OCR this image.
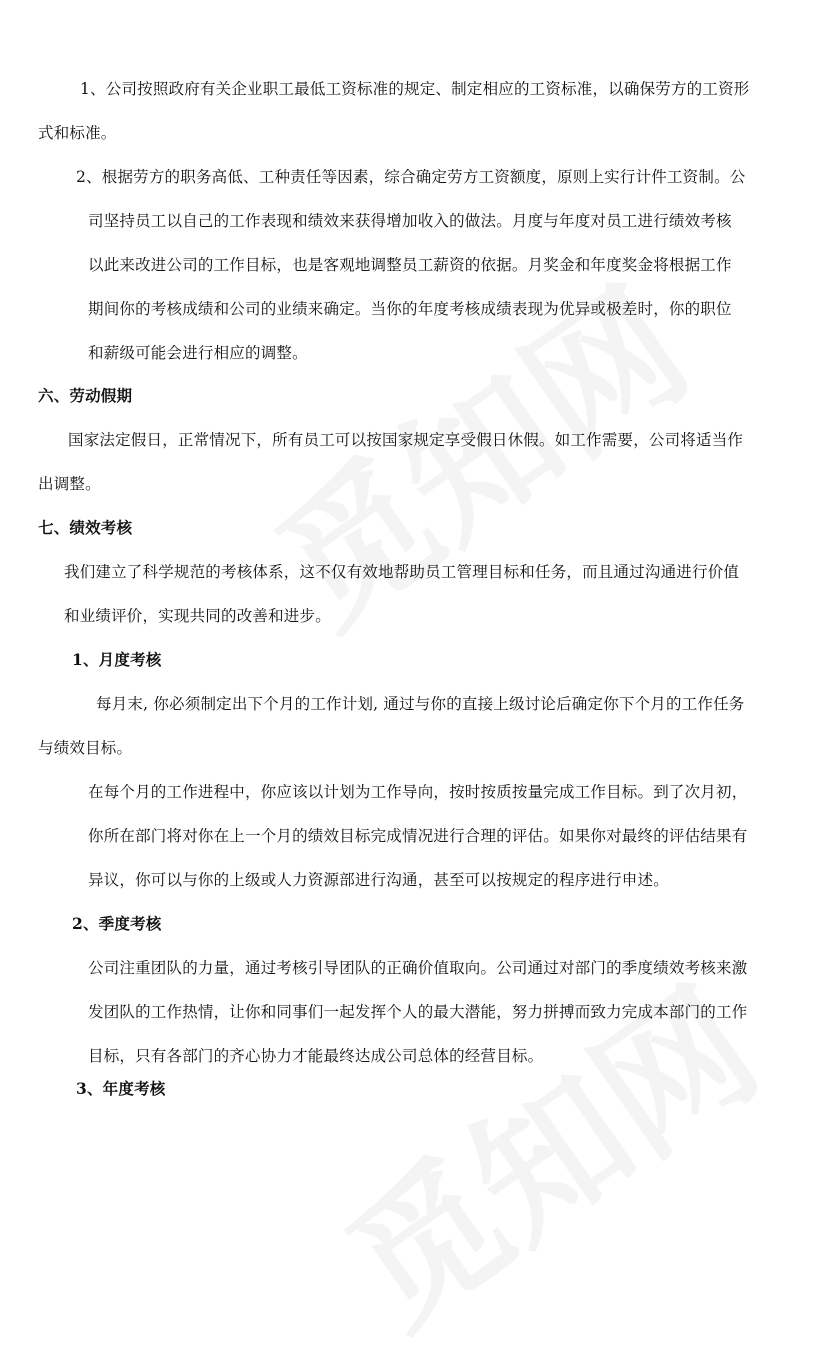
1、公司按照政府有关企业职工最低工资标准的规定、制定相应的工资标准，以确保劳方的工资形
式和标准。
2、根据劳方的职务高低、工种责任等因素，综合确定劳方工资额度，原则上实行计件工资制。公
司坚持员工以自己的工作表现和绩效来获得增加收入的做法。月度与年度对员工进行绩效考核
以此来改进公司的工作目标，也是客观地调整员工薪资的依据。月奖金和年度奖金将根据工作
期间你的考核成绩和公司的业绩来确定。当你的年度考核成绩表现为优异或极差时，你的职位
和薪级可能会进行相应的调整。
六、劳动假期
国家法定假日，正常情况下，所有员工可以按国家规定享受假日休假。如工作需要，公司将适当作
出调整。
七、绩效考核
我们建立了科学规范的考核体系，这不仅有效地帮助员工管理目标和任务，而且通过沟通进行价值
和业绩评价，实现共同的改善和进步。
1、月度考核
每月末, 你必须制定出下个月的工作计划, 通过与你的直接上级讨论后确定你下个月的工作任务
与绩效目标。
在每个月的工作进程中，你应该以计划为工作导向，按时按质按量完成工作目标。到了次月初，
你所在部门将对你在上一个月的绩效目标完成情况进行合理的评估。如果你对最终的评估结果有
异议，你可以与你的上级或人力资源部进行沟通，甚至可以按规定的程序进行申述。
2、季度考核
公司注重团队的力量，通过考核引导团队的正确价值取向。公司通过对部门的季度绩效考核来激
发团队的工作热情，让你和同事们一起发挥个人的最大潜能，努力拼搏而致力完成本部门的工作
目标，只有各部门的齐心协力才能最终达成公司总体的经营目标。
3、年度考核
